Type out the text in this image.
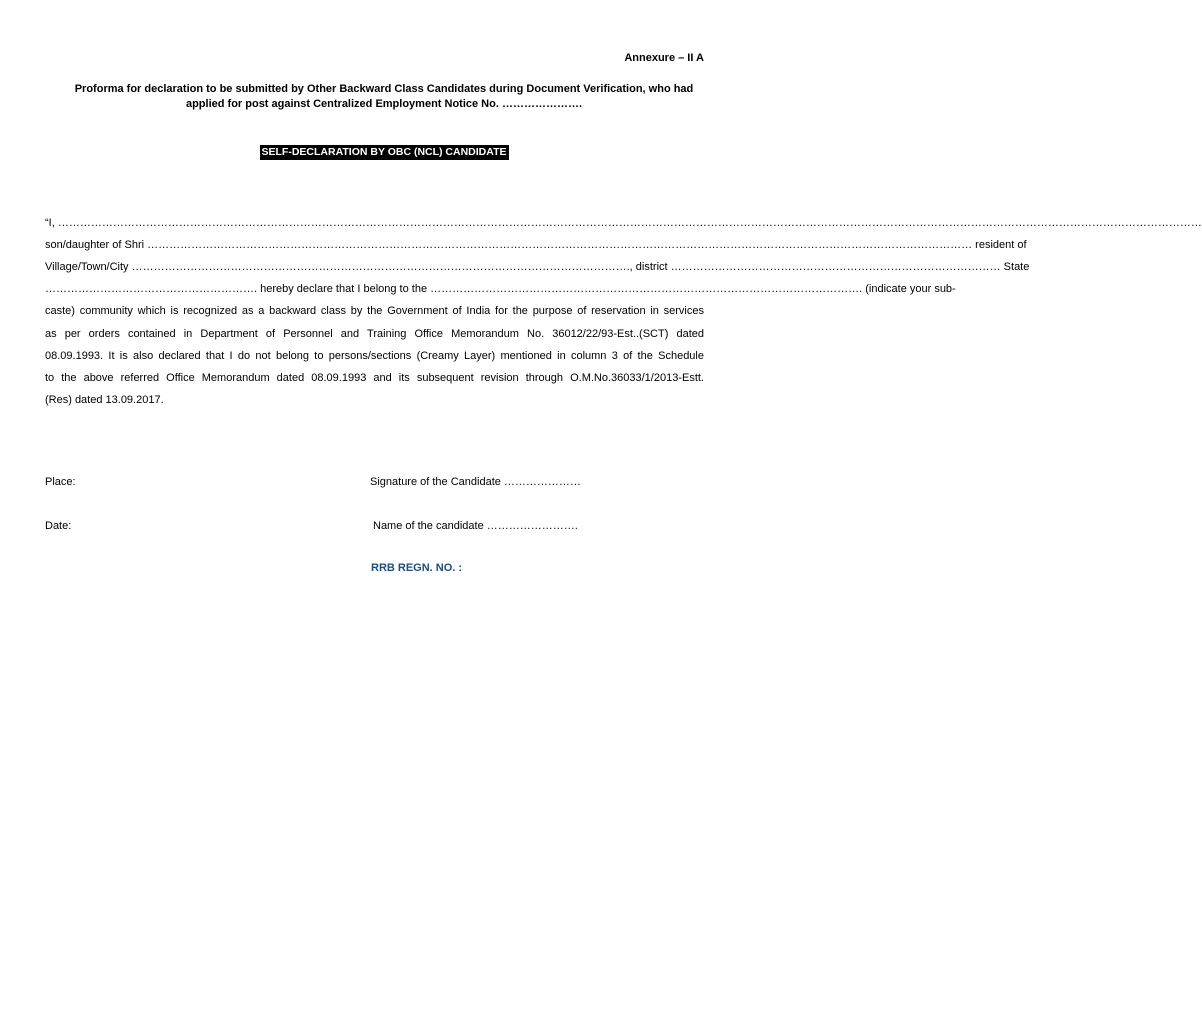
Annexure – II A
Proforma for declaration to be submitted by Other Backward Class Candidates during Document Verification, who had
applied for post against Centralized Employment Notice No. ………………….
SELF-DECLARATION BY OBC (NCL) CANDIDATE
“I, ……………………………………………………………………………………………………………………………………………………………………………………………………………………………………………………………………………………
son/daughter of Shri ……………………………………………………………………………………………………………………………………………………………………………………………………… resident of
Village/Town/City ………………………………………………………………………………………………………………………., district ……………………………………………………………………………… State
…………………………………………………. hereby declare that I belong to the ………………………………………………………………………………………………………. (indicate your sub-
caste) community which is recognized as a backward class by the Government of India for the purpose of reservation in services
as per orders contained in Department of Personnel and Training Office Memorandum No. 36012/22/93-Est..(SCT) dated
08.09.1993. It is also declared that I do not belong to persons/sections (Creamy Layer) mentioned in column 3 of the Schedule
to the above referred Office Memorandum dated 08.09.1993 and its subsequent revision through O.M.No.36033/1/2013-Estt.
(Res) dated 13.09.2017.
Place:	Signature of the Candidate …………………
Date:	Name of the candidate …………………….
RRB REGN. NO. :
